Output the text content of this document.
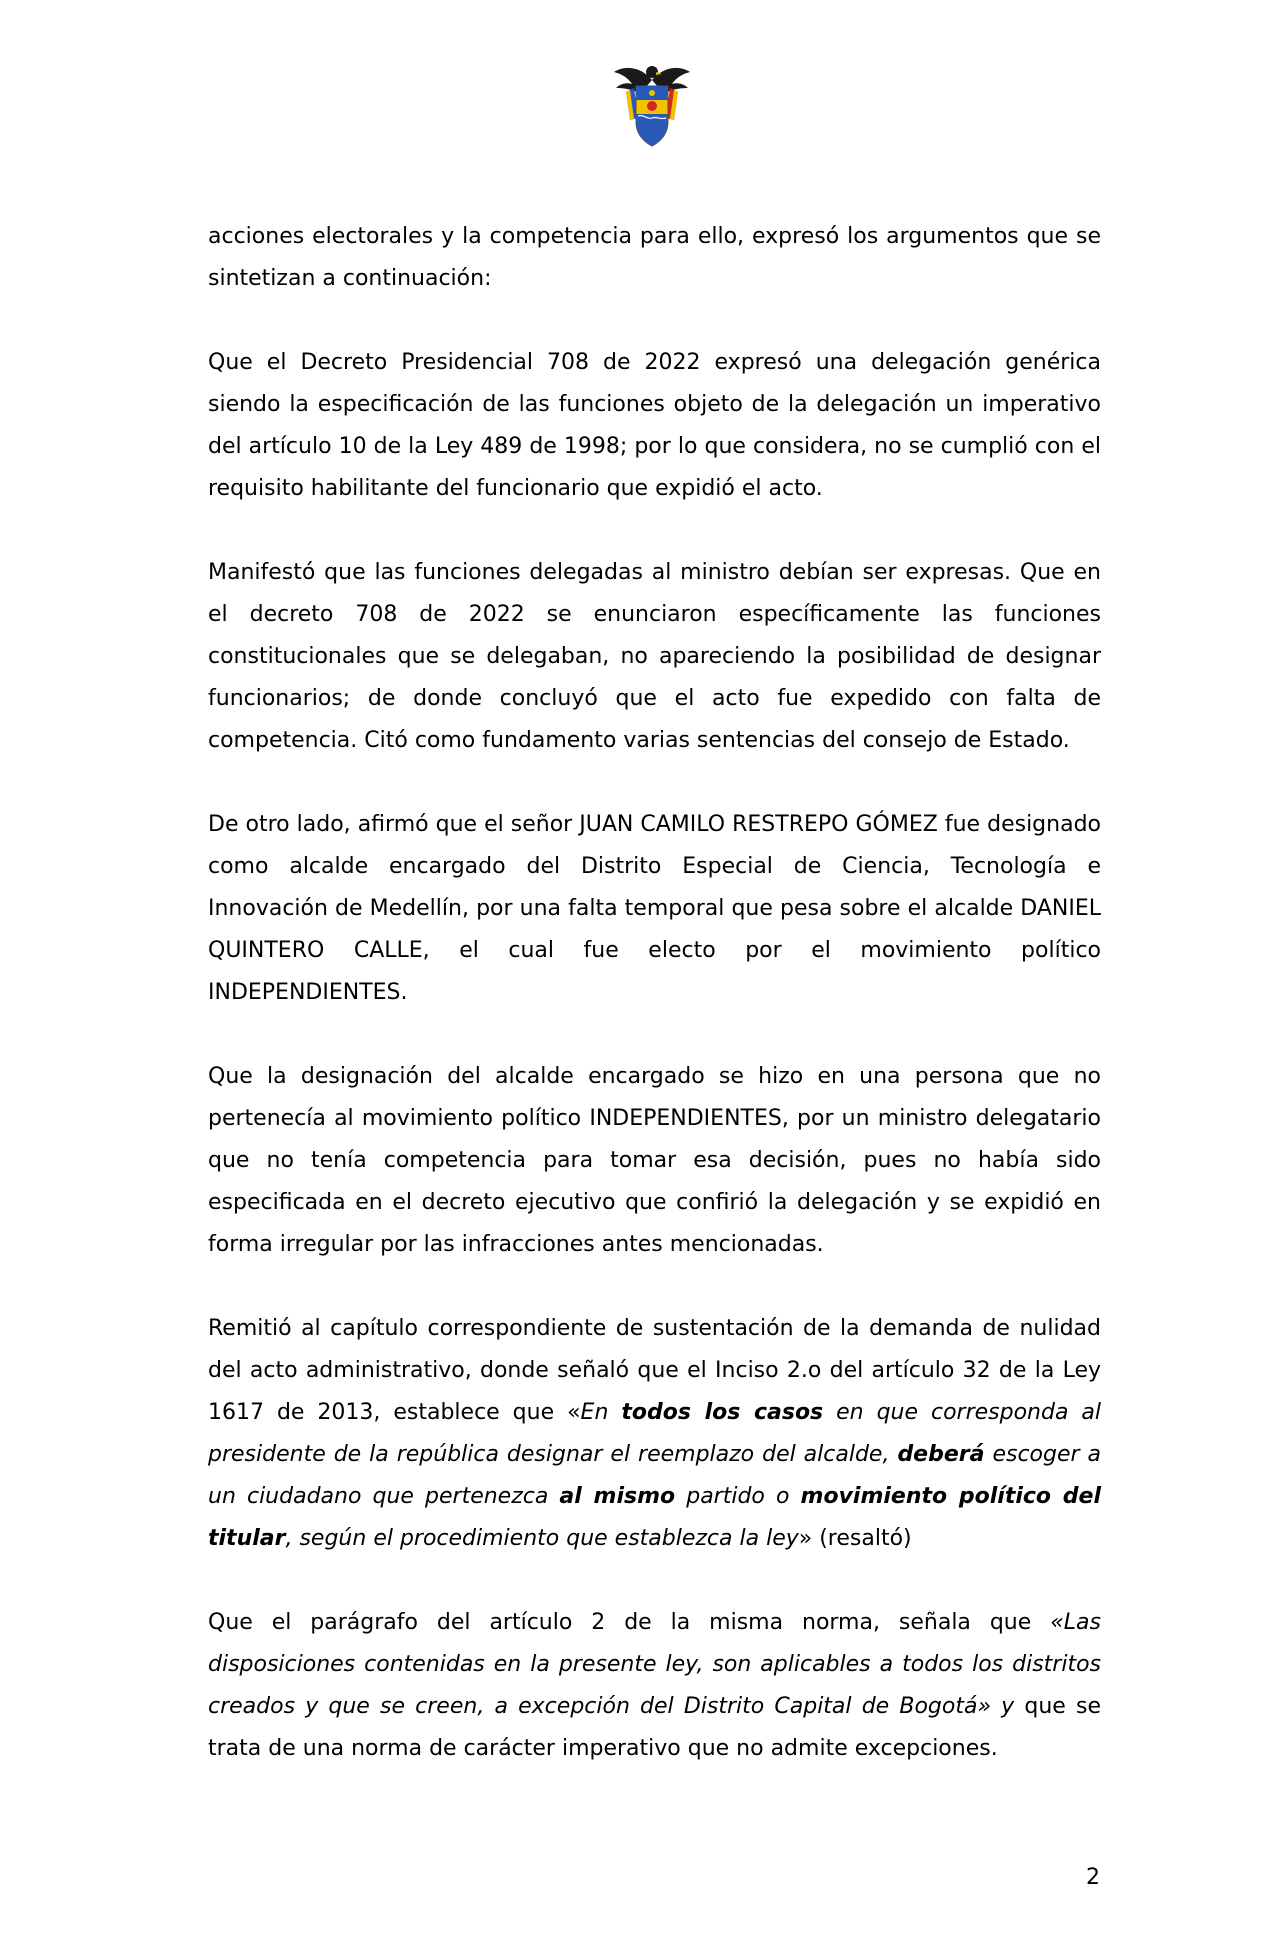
acciones electorales y la competencia para ello, expresó los argumentos que se sintetizan a continuación:

Que el Decreto Presidencial 708 de 2022 expresó una delegación genérica siendo la especificación de las funciones objeto de la delegación un imperativo del artículo 10 de la Ley 489 de 1998; por lo que considera, no se cumplió con el requisito habilitante del funcionario que expidió el acto.

Manifestó que las funciones delegadas al ministro debían ser expresas. Que en el decreto 708 de 2022 se enunciaron específicamente las funciones constitucionales que se delegaban, no apareciendo la posibilidad de designar funcionarios; de donde concluyó que el acto fue expedido con falta de competencia. Citó como fundamento varias sentencias del consejo de Estado.

De otro lado, afirmó que el señor JUAN CAMILO RESTREPO GÓMEZ fue designado como alcalde encargado del Distrito Especial de Ciencia, Tecnología e Innovación de Medellín, por una falta temporal que pesa sobre el alcalde DANIEL QUINTERO CALLE, el cual fue electo por el movimiento político INDEPENDIENTES.

Que la designación del alcalde encargado se hizo en una persona que no pertenecía al movimiento político INDEPENDIENTES, por un ministro delegatario que no tenía competencia para tomar esa decisión, pues no había sido especificada en el decreto ejecutivo que confirió la delegación y se expidió en forma irregular por las infracciones antes mencionadas.

Remitió al capítulo correspondiente de sustentación de la demanda de nulidad del acto administrativo, donde señaló que el Inciso 2.o del artículo 32 de la Ley 1617 de 2013, establece que «En todos los casos en que corresponda al presidente de la república designar el reemplazo del alcalde, deberá escoger a un ciudadano que pertenezca al mismo partido o movimiento político del titular, según el procedimiento que establezca la ley» (resaltó)

Que el parágrafo del artículo 2 de la misma norma, señala que «Las disposiciones contenidas en la presente ley, son aplicables a todos los distritos creados y que se creen, a excepción del Distrito Capital de Bogotá» y que se trata de una norma de carácter imperativo que no admite excepciones.

2
